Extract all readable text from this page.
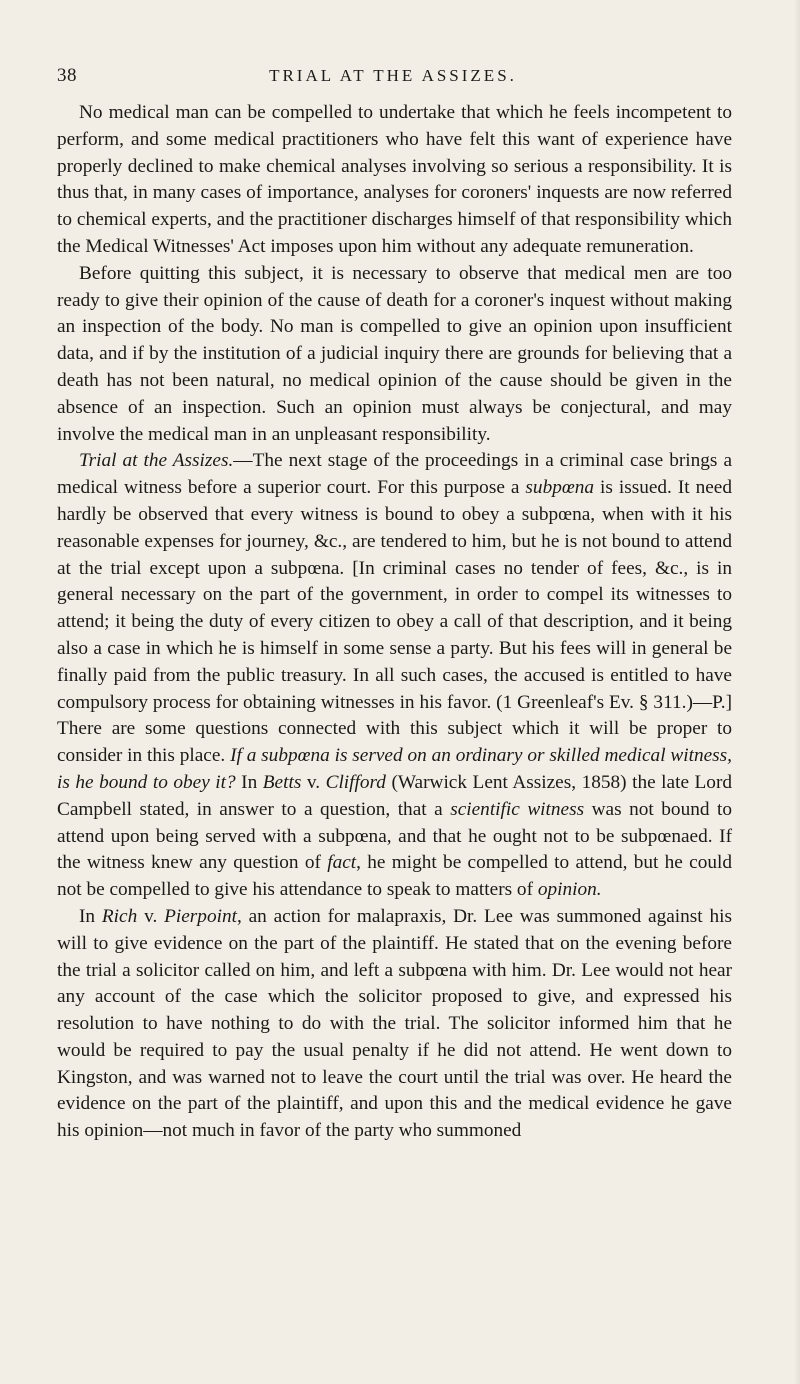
38	TRIAL AT THE ASSIZES.

No medical man can be compelled to undertake that which he feels incompetent to perform, and some medical practitioners who have felt this want of experience have properly declined to make chemical analyses involving so serious a responsibility. It is thus that, in many cases of importance, analyses for coroners' inquests are now referred to chemical experts, and the practitioner discharges himself of that responsibility which the Medical Witnesses' Act imposes upon him without any adequate remuneration.

Before quitting this subject, it is necessary to observe that medical men are too ready to give their opinion of the cause of death for a coroner's inquest without making an inspection of the body. No man is compelled to give an opinion upon insufficient data, and if by the institution of a judicial inquiry there are grounds for believing that a death has not been natural, no medical opinion of the cause should be given in the absence of an inspection. Such an opinion must always be conjectural, and may involve the medical man in an unpleasant responsibility.

Trial at the Assizes.—The next stage of the proceedings in a criminal case brings a medical witness before a superior court. For this purpose a subpœna is issued. It need hardly be observed that every witness is bound to obey a subpœna, when with it his reasonable expenses for journey, &c., are tendered to him, but he is not bound to attend at the trial except upon a subpœna. [In criminal cases no tender of fees, &c., is in general necessary on the part of the government, in order to compel its witnesses to attend; it being the duty of every citizen to obey a call of that description, and it being also a case in which he is himself in some sense a party. But his fees will in general be finally paid from the public treasury. In all such cases, the accused is entitled to have compulsory process for obtaining witnesses in his favor. (1 Greenleaf's Ev. § 311.)—P.] There are some questions connected with this subject which it will be proper to consider in this place. If a subpœna is served on an ordinary or skilled medical witness, is he bound to obey it? In Betts v. Clifford (Warwick Lent Assizes, 1858) the late Lord Campbell stated, in answer to a question, that a scientific witness was not bound to attend upon being served with a subpœna, and that he ought not to be subpœnaed. If the witness knew any question of fact, he might be compelled to attend, but he could not be compelled to give his attendance to speak to matters of opinion.

In Rich v. Pierpoint, an action for malapraxis, Dr. Lee was summoned against his will to give evidence on the part of the plaintiff. He stated that on the evening before the trial a solicitor called on him, and left a subpœna with him. Dr. Lee would not hear any account of the case which the solicitor proposed to give, and expressed his resolution to have nothing to do with the trial. The solicitor informed him that he would be required to pay the usual penalty if he did not attend. He went down to Kingston, and was warned not to leave the court until the trial was over. He heard the evidence on the part of the plaintiff, and upon this and the medical evidence he gave his opinion—not much in favor of the party who summoned
